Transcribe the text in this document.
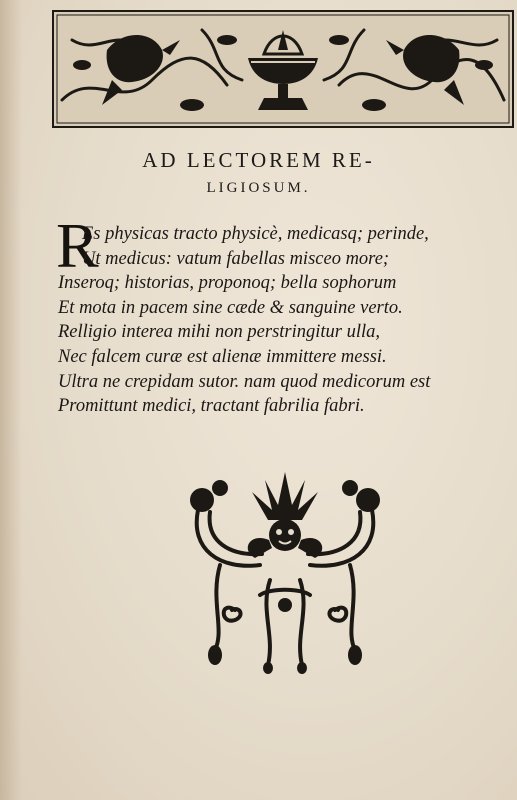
AD LECTOREM RE-
LIGIOSUM.
R
Es physicas tracto physicè, medicasq; perinde,
Ut medicus: vatum fabellas misceo more;
Inseroq; historias, proponoq; bella sophorum
Et mota in pacem sine cæde & sanguine verto.
Relligio interea mihi non perstringitur ulla,
Nec falcem curæ est alienæ immittere messi.
Ultra ne crepidam sutor. nam quod medicorum est
Promittunt medici, tractant fabrilia fabri.
